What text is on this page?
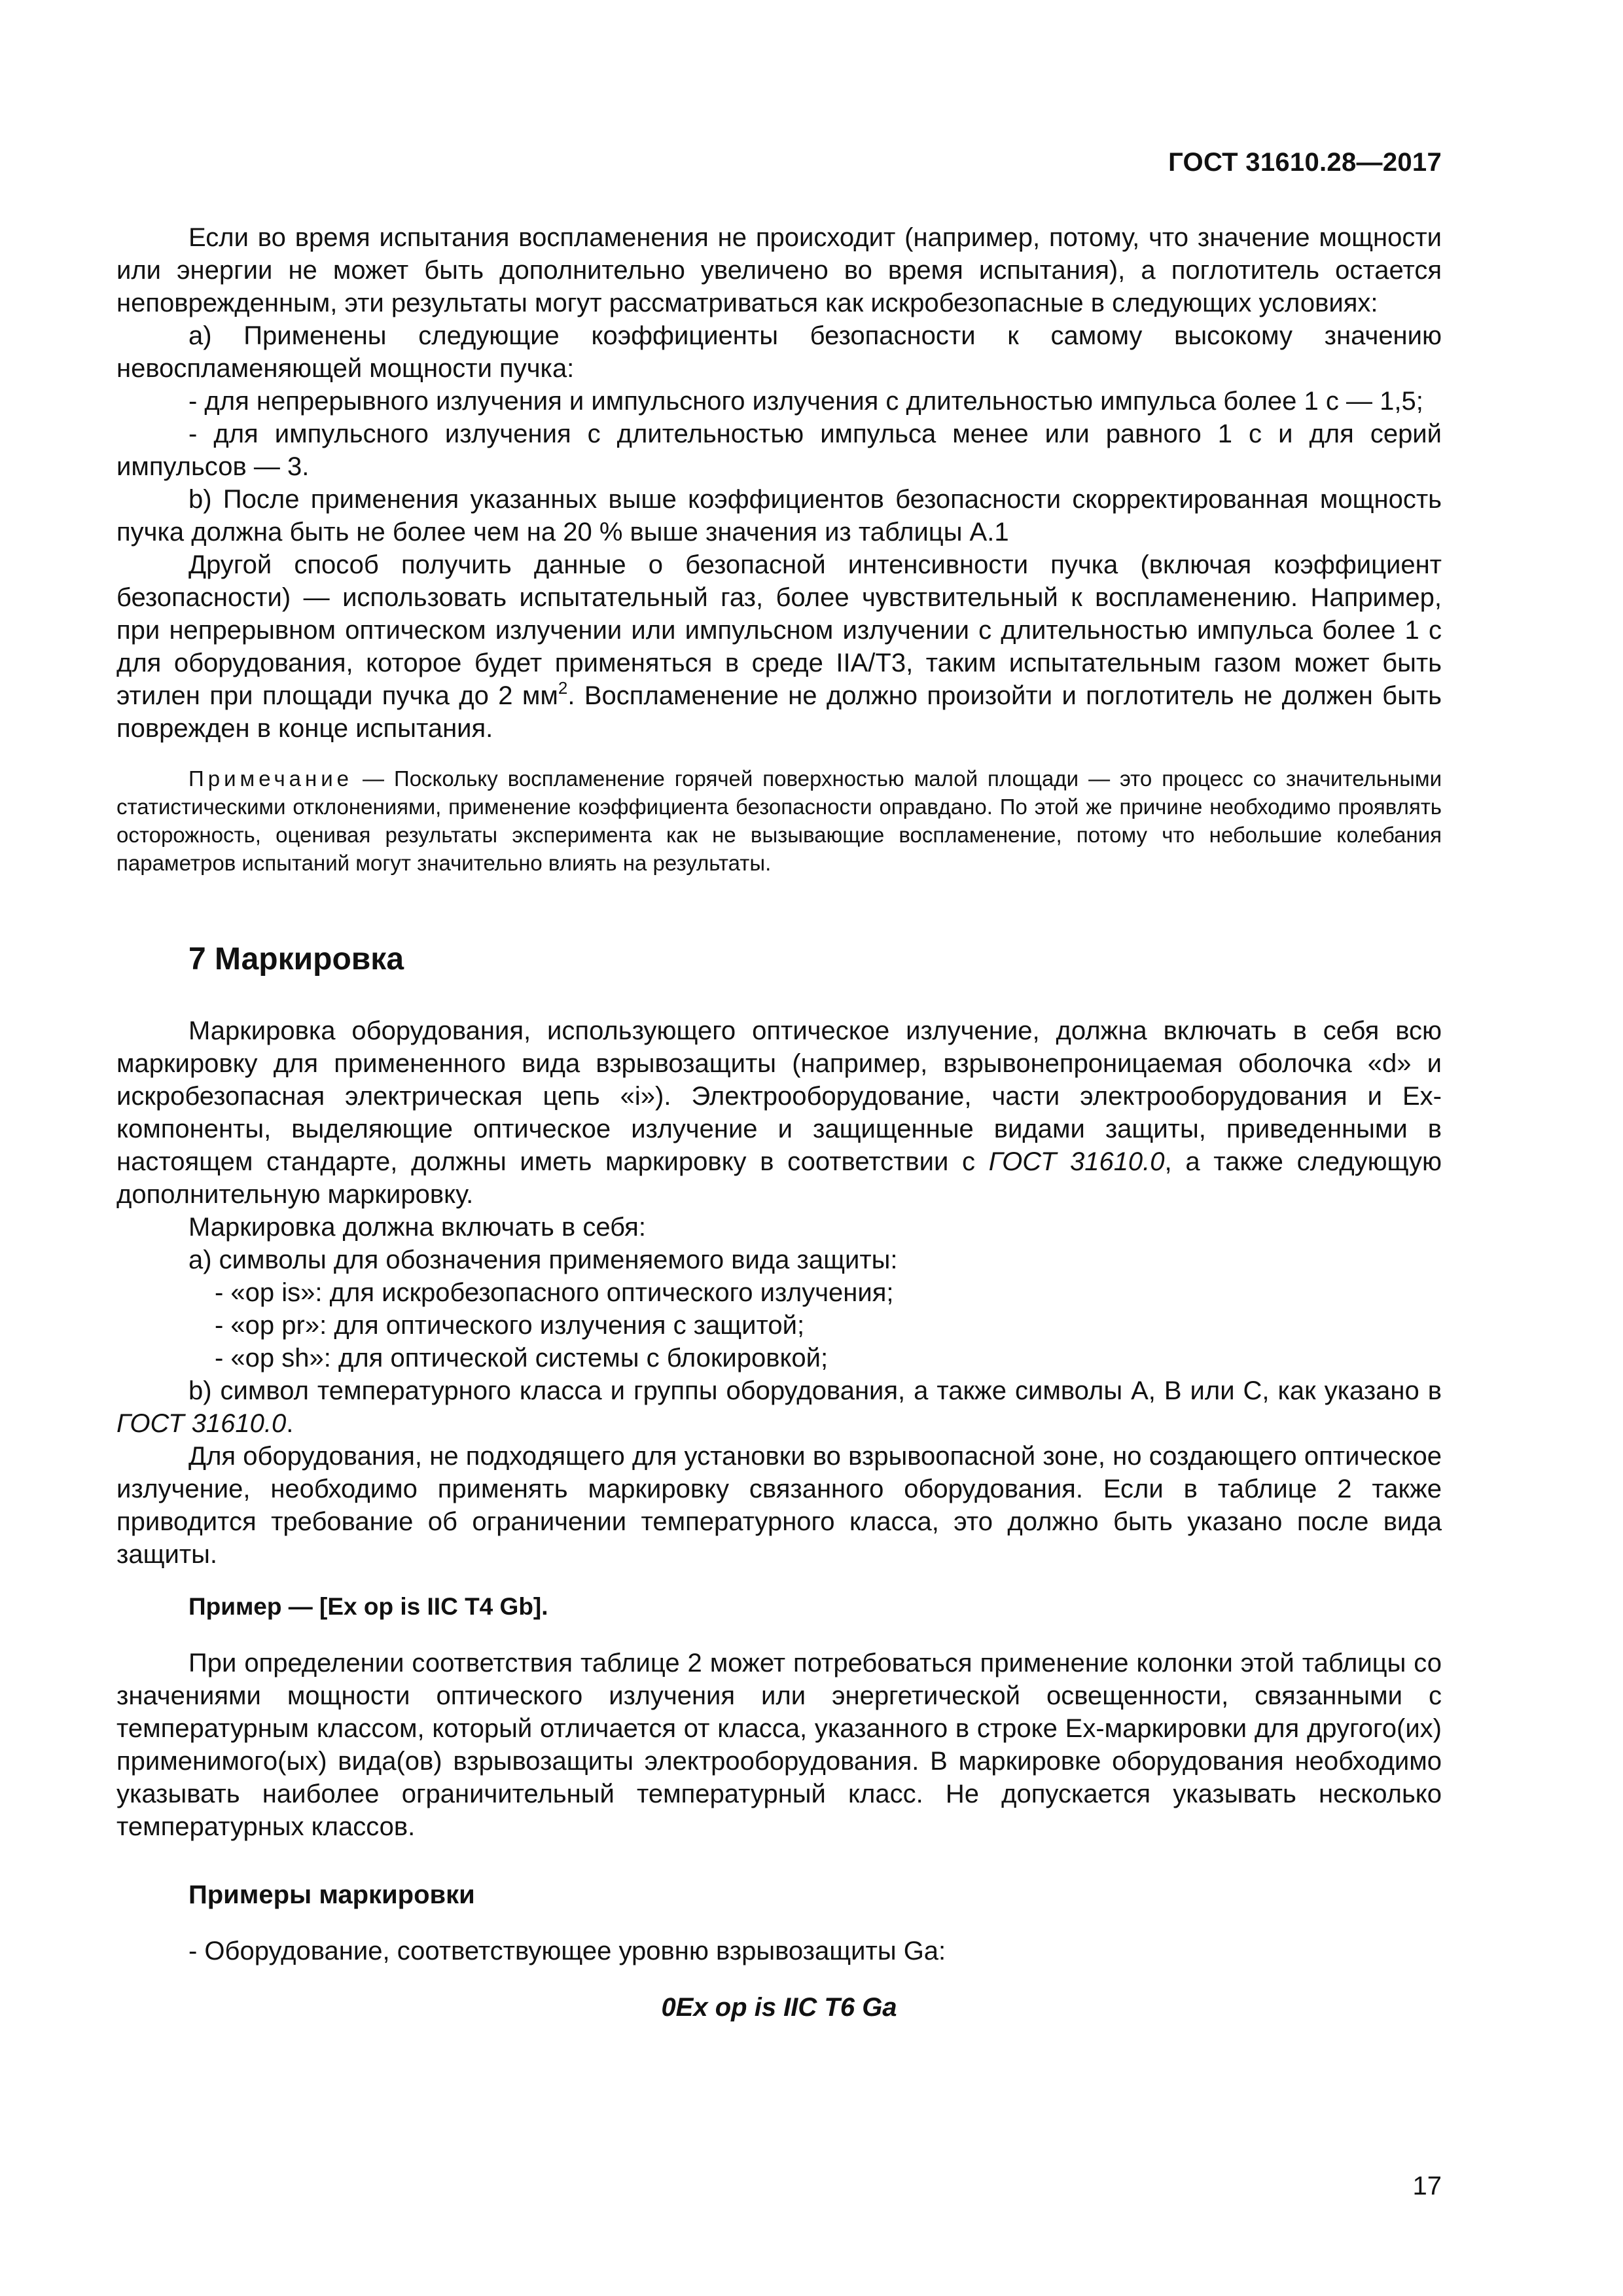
ГОСТ 31610.28—2017

Если во время испытания воспламенения не происходит (например, потому, что значение мощности или энергии не может быть дополнительно увеличено во время испытания), а поглотитель остается неповрежденным, эти результаты могут рассматриваться как искробезопасные в следующих условиях:

а) Применены следующие коэффициенты безопасности к самому высокому значению невоспламеняющей мощности пучка:

- для непрерывного излучения и импульсного излучения с длительностью импульса более 1 с — 1,5;

- для импульсного излучения с длительностью импульса менее или равного 1 с и для серий импульсов — 3.

b) После применения указанных выше коэффициентов безопасности скорректированная мощность пучка должна быть не более чем на 20 % выше значения из таблицы А.1

Другой способ получить данные о безопасной интенсивности пучка (включая коэффициент безопасности) — использовать испытательный газ, более чувствительный к воспламенению. Например, при непрерывном оптическом излучении или импульсном излучении с длительностью импульса более 1 с для оборудования, которое будет применяться в среде IIA/T3, таким испытательным газом может быть этилен при площади пучка до 2 $мм^2$. Воспламенение не должно произойти и поглотитель не должен быть поврежден в конце испытания.

Примечание — Поскольку воспламенение горячей поверхностью малой площади — это процесс со значительными статистическими отклонениями, применение коэффициента безопасности оправдано. По этой же причине необходимо проявлять осторожность, оценивая результаты эксперимента как не вызывающие воспламенение, потому что небольшие колебания параметров испытаний могут значительно влиять на результаты.

7 Маркировка

Маркировка оборудования, использующего оптическое излучение, должна включать в себя всю маркировку для примененного вида взрывозащиты (например, взрывонепроницаемая оболочка «d» и искробезопасная электрическая цепь «i»). Электрооборудование, части электрооборудования и Ex-компоненты, выделяющие оптическое излучение и защищенные видами защиты, приведенными в настоящем стандарте, должны иметь маркировку в соответствии с ГОСТ 31610.0, а также следующую дополнительную маркировку.

Маркировка должна включать в себя:

а) символы для обозначения применяемого вида защиты:

- «op is»: для искробезопасного оптического излучения;

- «op pr»: для оптического излучения с защитой;

- «op sh»: для оптической системы с блокировкой;

b) символ температурного класса и группы оборудования, а также символы А, В или С, как указано в ГОСТ 31610.0.

Для оборудования, не подходящего для установки во взрывоопасной зоне, но создающего оптическое излучение, необходимо применять маркировку связанного оборудования. Если в таблице 2 также приводится требование об ограничении температурного класса, это должно быть указано после вида защиты.

Пример — [Ex op is IIC T4 Gb].

При определении соответствия таблице 2 может потребоваться применение колонки этой таблицы со значениями мощности оптического излучения или энергетической освещенности, связанными с температурным классом, который отличается от класса, указанного в строке Ex-маркировки для другого(их) применимого(ых) вида(ов) взрывозащиты электрооборудования. В маркировке оборудования необходимо указывать наиболее ограничительный температурный класс. Не допускается указывать несколько температурных классов.

Примеры маркировки

- Оборудование, соответствующее уровню взрывозащиты Ga:

0Ex op is IIC T6 Ga

17
